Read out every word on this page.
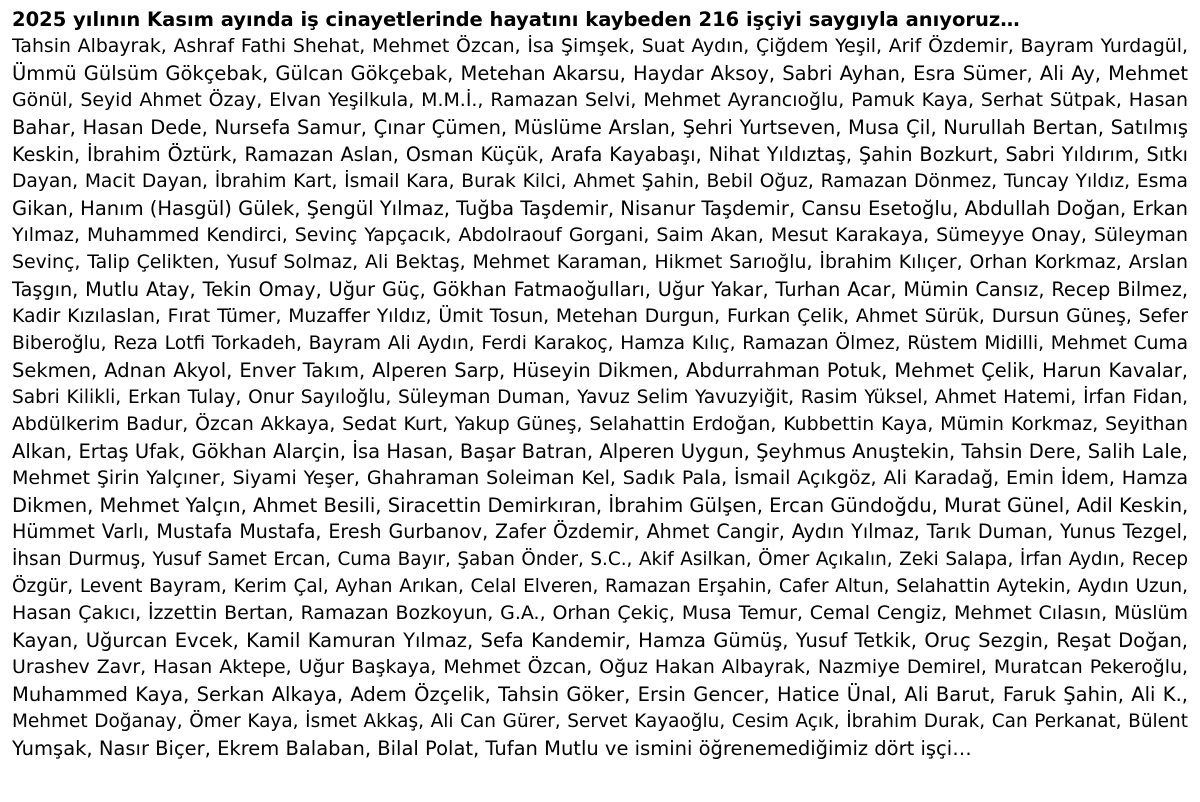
2025 yılının Kasım ayında iş cinayetlerinde hayatını kaybeden 216 işçiyi saygıyla anıyoruz…
Tahsin Albayrak, Ashraf Fathi Shehat, Mehmet Özcan, İsa Şimşek, Suat Aydın, Çiğdem Yeşil, Arif Özdemir, Bayram Yurdagül,
Ümmü Gülsüm Gökçebak, Gülcan Gökçebak, Metehan Akarsu, Haydar Aksoy, Sabri Ayhan, Esra Sümer, Ali Ay, Mehmet
Gönül, Seyid Ahmet Özay, Elvan Yeşilkula, M.M.İ., Ramazan Selvi, Mehmet Ayrancıoğlu, Pamuk Kaya, Serhat Sütpak, Hasan
Bahar, Hasan Dede, Nursefa Samur, Çınar Çümen, Müslüme Arslan, Şehri Yurtseven, Musa Çil, Nurullah Bertan, Satılmış
Keskin, İbrahim Öztürk, Ramazan Aslan, Osman Küçük, Arafa Kayabaşı, Nihat Yıldıztaş, Şahin Bozkurt, Sabri Yıldırım, Sıtkı
Dayan, Macit Dayan, İbrahim Kart, İsmail Kara, Burak Kilci, Ahmet Şahin, Bebil Oğuz, Ramazan Dönmez, Tuncay Yıldız, Esma
Gikan, Hanım (Hasgül) Gülek, Şengül Yılmaz, Tuğba Taşdemir, Nisanur Taşdemir, Cansu Esetoğlu, Abdullah Doğan, Erkan
Yılmaz, Muhammed Kendirci, Sevinç Yapçacık, Abdolraouf Gorgani, Saim Akan, Mesut Karakaya, Sümeyye Onay, Süleyman
Sevinç, Talip Çelikten, Yusuf Solmaz, Ali Bektaş, Mehmet Karaman, Hikmet Sarıoğlu, İbrahim Kılıçer, Orhan Korkmaz, Arslan
Taşgın, Mutlu Atay, Tekin Omay, Uğur Güç, Gökhan Fatmaoğulları, Uğur Yakar, Turhan Acar, Mümin Cansız, Recep Bilmez,
Kadir Kızılaslan, Fırat Tümer, Muzaffer Yıldız, Ümit Tosun, Metehan Durgun, Furkan Çelik, Ahmet Sürük, Dursun Güneş, Sefer
Biberoğlu, Reza Lotfi Torkadeh, Bayram Ali Aydın, Ferdi Karakoç, Hamza Kılıç, Ramazan Ölmez, Rüstem Midilli, Mehmet Cuma
Sekmen, Adnan Akyol, Enver Takım, Alperen Sarp, Hüseyin Dikmen, Abdurrahman Potuk, Mehmet Çelik, Harun Kavalar,
Sabri Kilikli, Erkan Tulay, Onur Sayıloğlu, Süleyman Duman, Yavuz Selim Yavuzyiğit, Rasim Yüksel, Ahmet Hatemi, İrfan Fidan,
Abdülkerim Badur, Özcan Akkaya, Sedat Kurt, Yakup Güneş, Selahattin Erdoğan, Kubbettin Kaya, Mümin Korkmaz, Seyithan
Alkan, Ertaş Ufak, Gökhan Alarçin, İsa Hasan, Başar Batran, Alperen Uygun, Şeyhmus Anuştekin, Tahsin Dere, Salih Lale,
Mehmet Şirin Yalçıner, Siyami Yeşer, Ghahraman Soleiman Kel, Sadık Pala, İsmail Açıkgöz, Ali Karadağ, Emin İdem, Hamza
Dikmen, Mehmet Yalçın, Ahmet Besili, Siracettin Demirkıran, İbrahim Gülşen, Ercan Gündoğdu, Murat Günel, Adil Keskin,
Hümmet Varlı, Mustafa Mustafa, Eresh Gurbanov, Zafer Özdemir, Ahmet Cangir, Aydın Yılmaz, Tarık Duman, Yunus Tezgel,
İhsan Durmuş, Yusuf Samet Ercan, Cuma Bayır, Şaban Önder, S.C., Akif Asilkan, Ömer Açıkalın, Zeki Salapa, İrfan Aydın, Recep
Özgür, Levent Bayram, Kerim Çal, Ayhan Arıkan, Celal Elveren, Ramazan Erşahin, Cafer Altun, Selahattin Aytekin, Aydın Uzun,
Hasan Çakıcı, İzzettin Bertan, Ramazan Bozkoyun, G.A., Orhan Çekiç, Musa Temur, Cemal Cengiz, Mehmet Cılasın, Müslüm
Kayan, Uğurcan Evcek, Kamil Kamuran Yılmaz, Sefa Kandemir, Hamza Gümüş, Yusuf Tetkik, Oruç Sezgin, Reşat Doğan,
Urashev Zavr, Hasan Aktepe, Uğur Başkaya, Mehmet Özcan, Oğuz Hakan Albayrak, Nazmiye Demirel, Muratcan Pekeroğlu,
Muhammed Kaya, Serkan Alkaya, Adem Özçelik, Tahsin Göker, Ersin Gencer, Hatice Ünal, Ali Barut, Faruk Şahin, Ali K.,
Mehmet Doğanay, Ömer Kaya, İsmet Akkaş, Ali Can Gürer, Servet Kayaoğlu, Cesim Açık, İbrahim Durak, Can Perkanat, Bülent
Yumşak, Nasır Biçer, Ekrem Balaban, Bilal Polat, Tufan Mutlu ve ismini öğrenemediğimiz dört işçi…
